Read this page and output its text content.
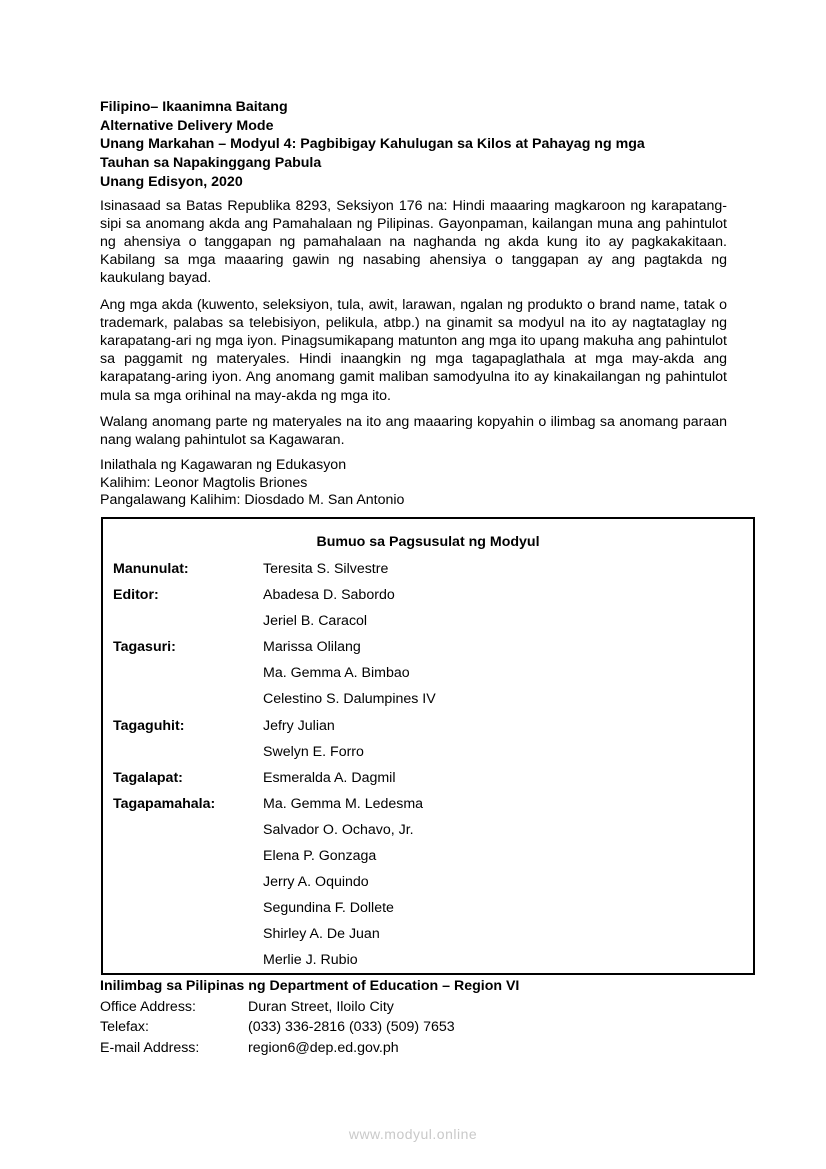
Filipino– Ikaanimna Baitang
Alternative Delivery Mode
Unang Markahan – Modyul 4: Pagbibigay Kahulugan sa Kilos at Pahayag ng mga
Tauhan sa Napakinggang Pabula
Unang Edisyon, 2020

Isinasaad sa Batas Republika 8293, Seksiyon 176 na: Hindi maaaring magkaroon ng karapatang-sipi sa anomang akda ang Pamahalaan ng Pilipinas. Gayonpaman, kailangan muna ang pahintulot ng ahensiya o tanggapan ng pamahalaan na naghanda ng akda kung ito ay pagkakakitaan. Kabilang sa mga maaaring gawin ng nasabing ahensiya o tanggapan ay ang pagtakda ng kaukulang bayad.

Ang mga akda (kuwento, seleksiyon, tula, awit, larawan, ngalan ng produkto o brand name, tatak o trademark, palabas sa telebisiyon, pelikula, atbp.) na ginamit sa modyul na ito ay nagtataglay ng karapatang-ari ng mga iyon. Pinagsumikapang matunton ang mga ito upang makuha ang pahintulot sa paggamit ng materyales. Hindi inaangkin ng mga tagapaglathala at mga may-akda ang karapatang-aring iyon. Ang anomang gamit maliban samodyulna ito ay kinakailangan ng pahintulot mula sa mga orihinal na may-akda ng mga ito.

Walang anomang parte ng materyales na ito ang maaaring kopyahin o ilimbag sa anomang paraan nang walang pahintulot sa Kagawaran.

Inilathala ng Kagawaran ng Edukasyon
Kalihim: Leonor Magtolis Briones
Pangalawang Kalihim: Diosdado M. San Antonio
Bumuo sa Pagsusulat ng Modyul
Manunulat:	Teresita S. Silvestre
Editor:	Abadesa D. Sabordo
Jeriel B. Caracol
Tagasuri:	Marissa Olilang
Ma. Gemma A. Bimbao
Celestino S. Dalumpines IV
Tagaguhit:	Jefry Julian
Swelyn E. Forro
Tagalapat:	Esmeralda A. Dagmil
Tagapamahala:	Ma. Gemma M. Ledesma
Salvador O. Ochavo, Jr.
Elena P. Gonzaga
Jerry A. Oquindo
Segundina F. Dollete
Shirley A. De Juan
Merlie J. Rubio
Inilimbag sa Pilipinas ng Department of Education – Region VI
Office Address:	Duran Street, Iloilo City
Telefax:	(033) 336-2816 (033) (509) 7653
E-mail Address:	region6@dep.ed.gov.ph
www.modyul.online
